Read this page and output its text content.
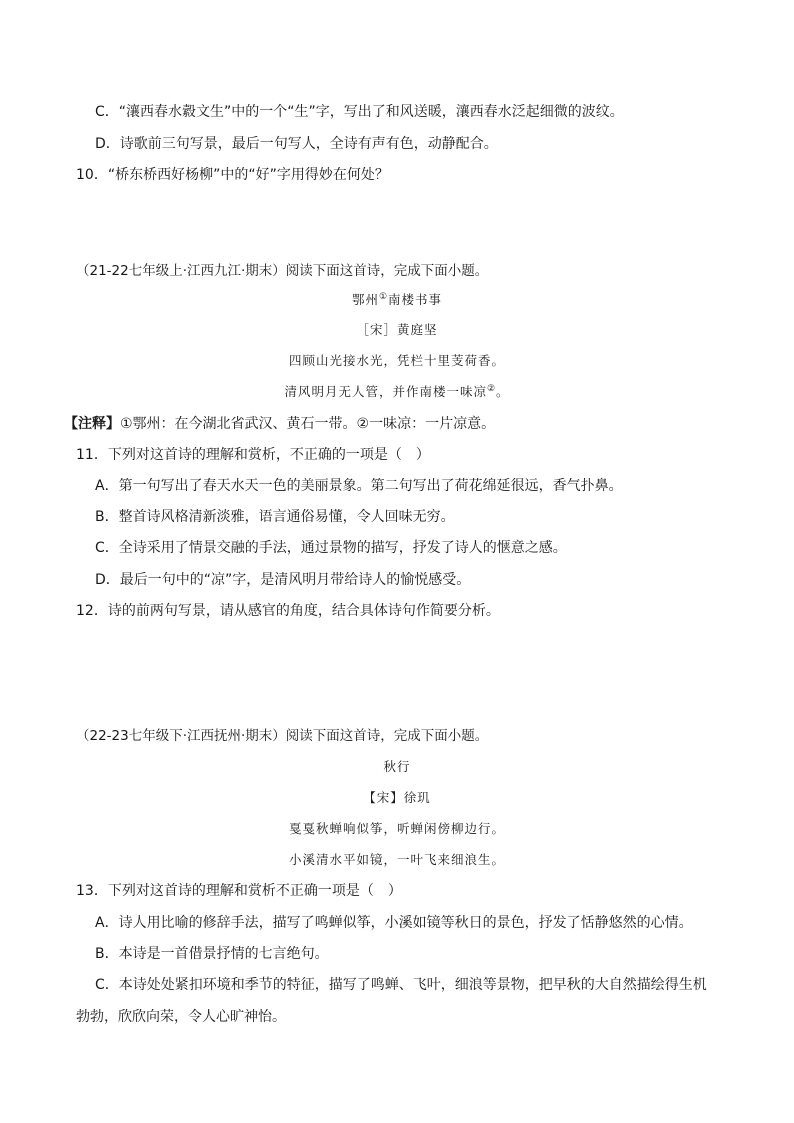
C．“瀼西春水縠文生”中的一个“生”字，写出了和风送暖，瀼西春水泛起细微的波纹。
D．诗歌前三句写景，最后一句写人，全诗有声有色，动静配合。
10．“桥东桥西好杨柳”中的“好”字用得妙在何处？
（21-22七年级上·江西九江·期末）阅读下面这首诗，完成下面小题。
鄂州①南楼书事
［宋］黄庭坚
四顾山光接水光，凭栏十里芰荷香。
清风明月无人管，并作南楼一味凉②。
【注释】①鄂州：在今湖北省武汉、黄石一带。②一味凉：一片凉意。
11．下列对这首诗的理解和赏析，不正确的一项是（　）
A．第一句写出了春天水天一色的美丽景象。第二句写出了荷花绵延很远，香气扑鼻。
B．整首诗风格清新淡雅，语言通俗易懂，令人回味无穷。
C．全诗采用了情景交融的手法，通过景物的描写，抒发了诗人的惬意之感。
D．最后一句中的“凉”字，是清风明月带给诗人的愉悦感受。
12．诗的前两句写景，请从感官的角度，结合具体诗句作简要分析。
（22-23七年级下·江西抚州·期末）阅读下面这首诗，完成下面小题。
秋行
【宋】徐玑
戛戛秋蝉响似筝，听蝉闲傍柳边行。
小溪清水平如镜，一叶飞来细浪生。
13．下列对这首诗的理解和赏析不正确一项是（　）
A．诗人用比喻的修辞手法，描写了鸣蝉似筝，小溪如镜等秋日的景色，抒发了恬静悠然的心情。
B．本诗是一首借景抒情的七言绝句。
C．本诗处处紧扣环境和季节的特征，描写了鸣蝉、飞叶，细浪等景物，把早秋的大自然描绘得生机
勃勃，欣欣向荣，令人心旷神怡。
